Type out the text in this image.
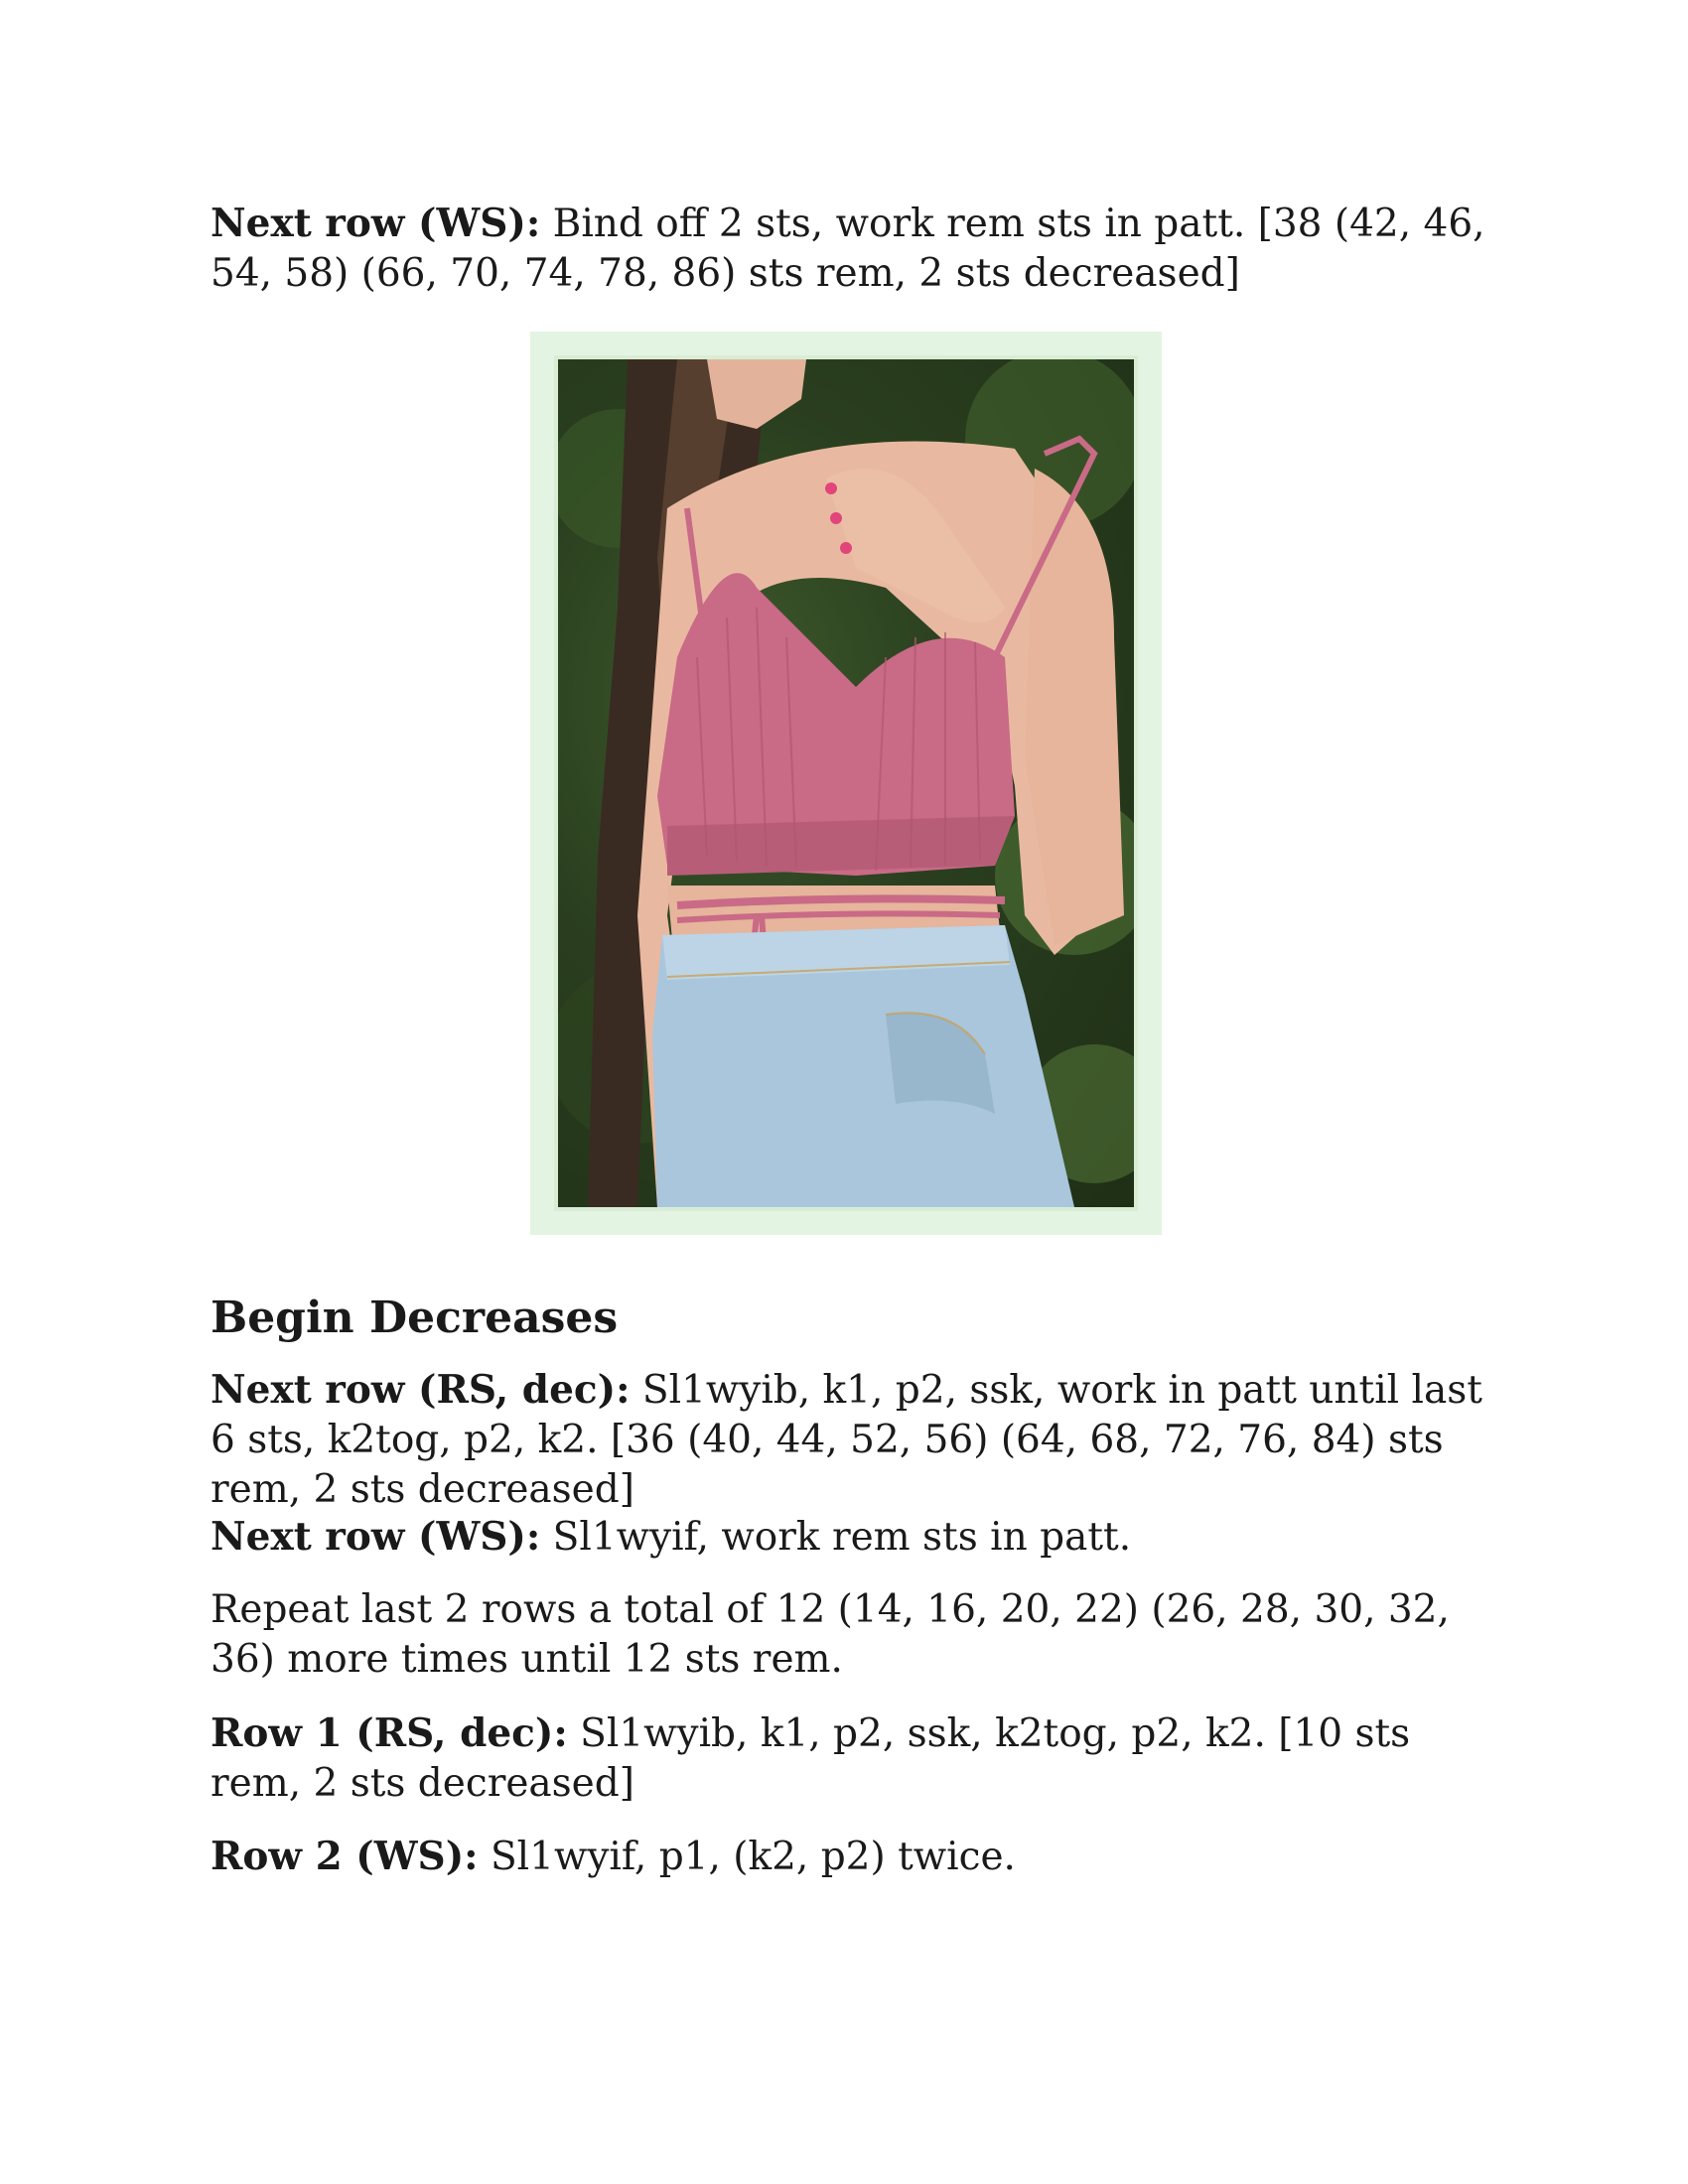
Next row (WS): Bind off 2 sts, work rem sts in patt. [38 (42, 46, 54, 58) (66, 70, 74, 78, 86) sts rem, 2 sts decreased]

Begin Decreases

Next row (RS, dec): Sl1wyib, k1, p2, ssk, work in patt until last 6 sts, k2tog, p2, k2. [36 (40, 44, 52, 56) (64, 68, 72, 76, 84) sts rem, 2 sts decreased]

Next row (WS): Sl1wyif, work rem sts in patt.

Repeat last 2 rows a total of 12 (14, 16, 20, 22) (26, 28, 30, 32, 36) more times until 12 sts rem.

Row 1 (RS, dec): Sl1wyib, k1, p2, ssk, k2tog, p2, k2. [10 sts rem, 2 sts decreased]

Row 2 (WS): Sl1wyif, p1, (k2, p2) twice.
